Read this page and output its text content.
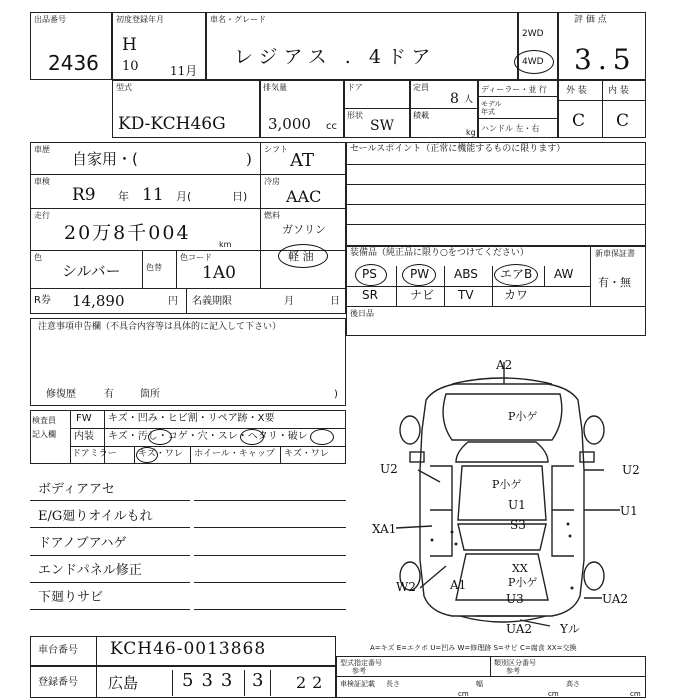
出品番号
2436
初度登録年月
H
10	11月
車名・グレード
レジアス . 4ドア
2WD
4WD
評 価 点
3.5
型式
KD-KCH46G
排気量
3,000 cc
ドア
形状
SW
定員
8 人
積載
kg
ディーラー・並 行
モデル年式
ハンドル 左・右
外 装 内 装
C C
車歴
自家用・(	)
車検
R9 年 11 月(	日)
走行
20万8千004
km
色
シルバー	色替
色コード
1A0
R券 14,890	円 名義期限	月	日
シフト
AT
冷房
AAC
燃料
ガソリン
軽 油
セールスポイント（正常に機能するものに限ります）
装備品（純正品に限り○をつけてください）	新車保証書
有・無
後日品
PS	PW ABS エアB AW
SR	ナビ TV	カワ
注意事項申告欄（不具合内容等は具体的に記入して下さい）
修復歴	有	箇所	)
検査員
記入欄
FW キズ・凹み・ヒビ割・リペア跡・X要
内装 キズ・汚し・コゲ・穴・スレ・ヘタリ・破レ
ドアミラー キズ・ワレ ホイール・キャップ キズ・ワレ
ボディアアセ
E/G廻りオイルもれ
ドアノブアハゲ
エンドパネル修正
下廻りサビ
A2
P小ゲ
U2	U2
P小ゲ
U1
S3
U1
XA1
A1
W2
XX
P小ゲ
U3	UA2
UA2 Yル
A=キズ E=エクボ U=凹み W=修理跡 S=サビ C=腐食 XX=交換
車台番号 KCH46-0013868
登録番号 広島 533 3 22
型式指定番号
参考
類別区分番号
参考
車検証記載 長さ
cm
幅
cm
高さ
cm
